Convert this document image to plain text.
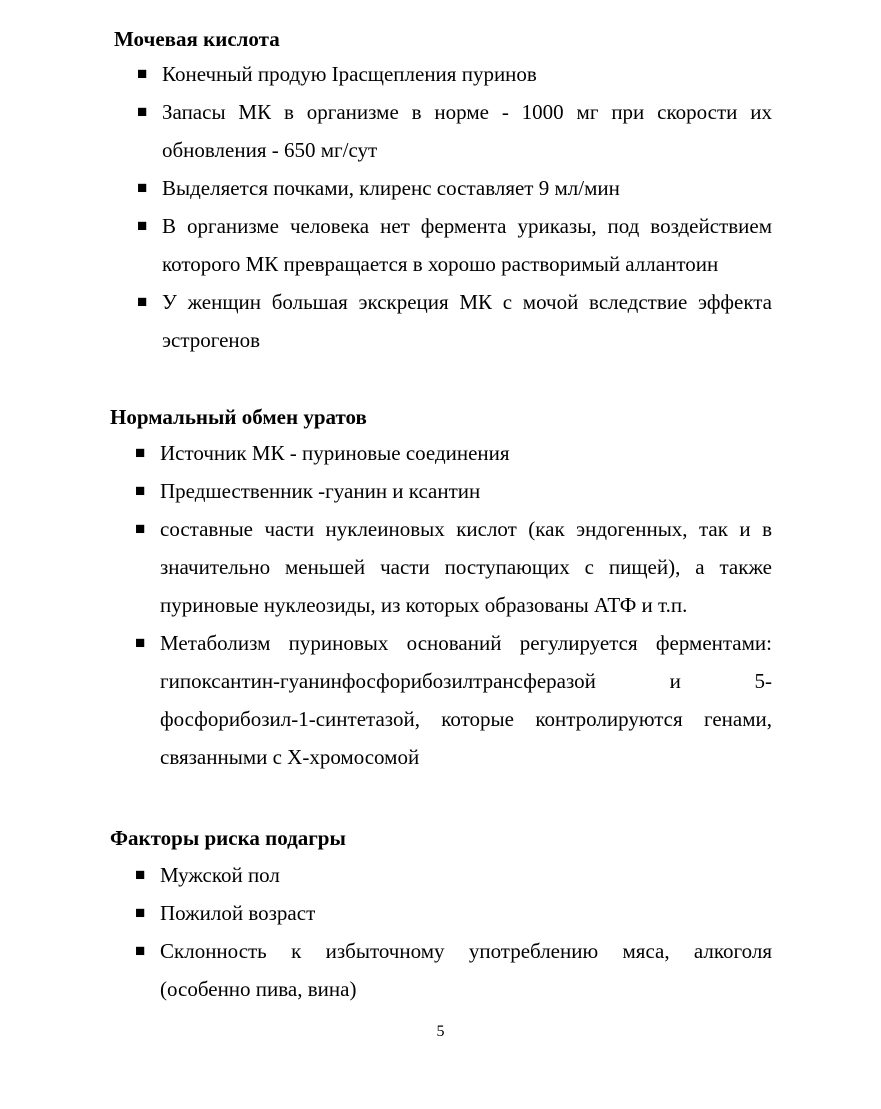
Мочевая кислота
■ Конечный продую Iрасщепления пуринов
■ Запасы МК в организме в норме - 1000 мг при скорости их обновления - 650 мг/сут
■ Выделяется почками, клиренс составляет 9 мл/мин
■ В организме человека нет фермента уриказы, под воздействием которого МК превращается в хорошо растворимый аллантоин
■ У женщин большая экскреция МК с мочой вследствие эффекта эстрогенов
Нормальный обмен уратов
■ Источник МК - пуриновые соединения
■ Предшественник -гуанин и ксантин
■ составные части нуклеиновых кислот (как эндогенных, так и в значительно меньшей части поступающих с пищей), а также пуриновые нуклеозиды, из которых образованы АТФ и т.п.
■ Метаболизм пуриновых оснований регулируется ферментами: гипоксантин-гуанинфосфорибозилтрансферазой и 5-фосфорибозил-1-синтетазой, которые контролируются генами, связанными с Х-хромосомой
Факторы риска подагры
■ Мужской пол
■ Пожилой возраст
■ Склонность к избыточному употреблению мяса, алкоголя (особенно пива, вина)
5
